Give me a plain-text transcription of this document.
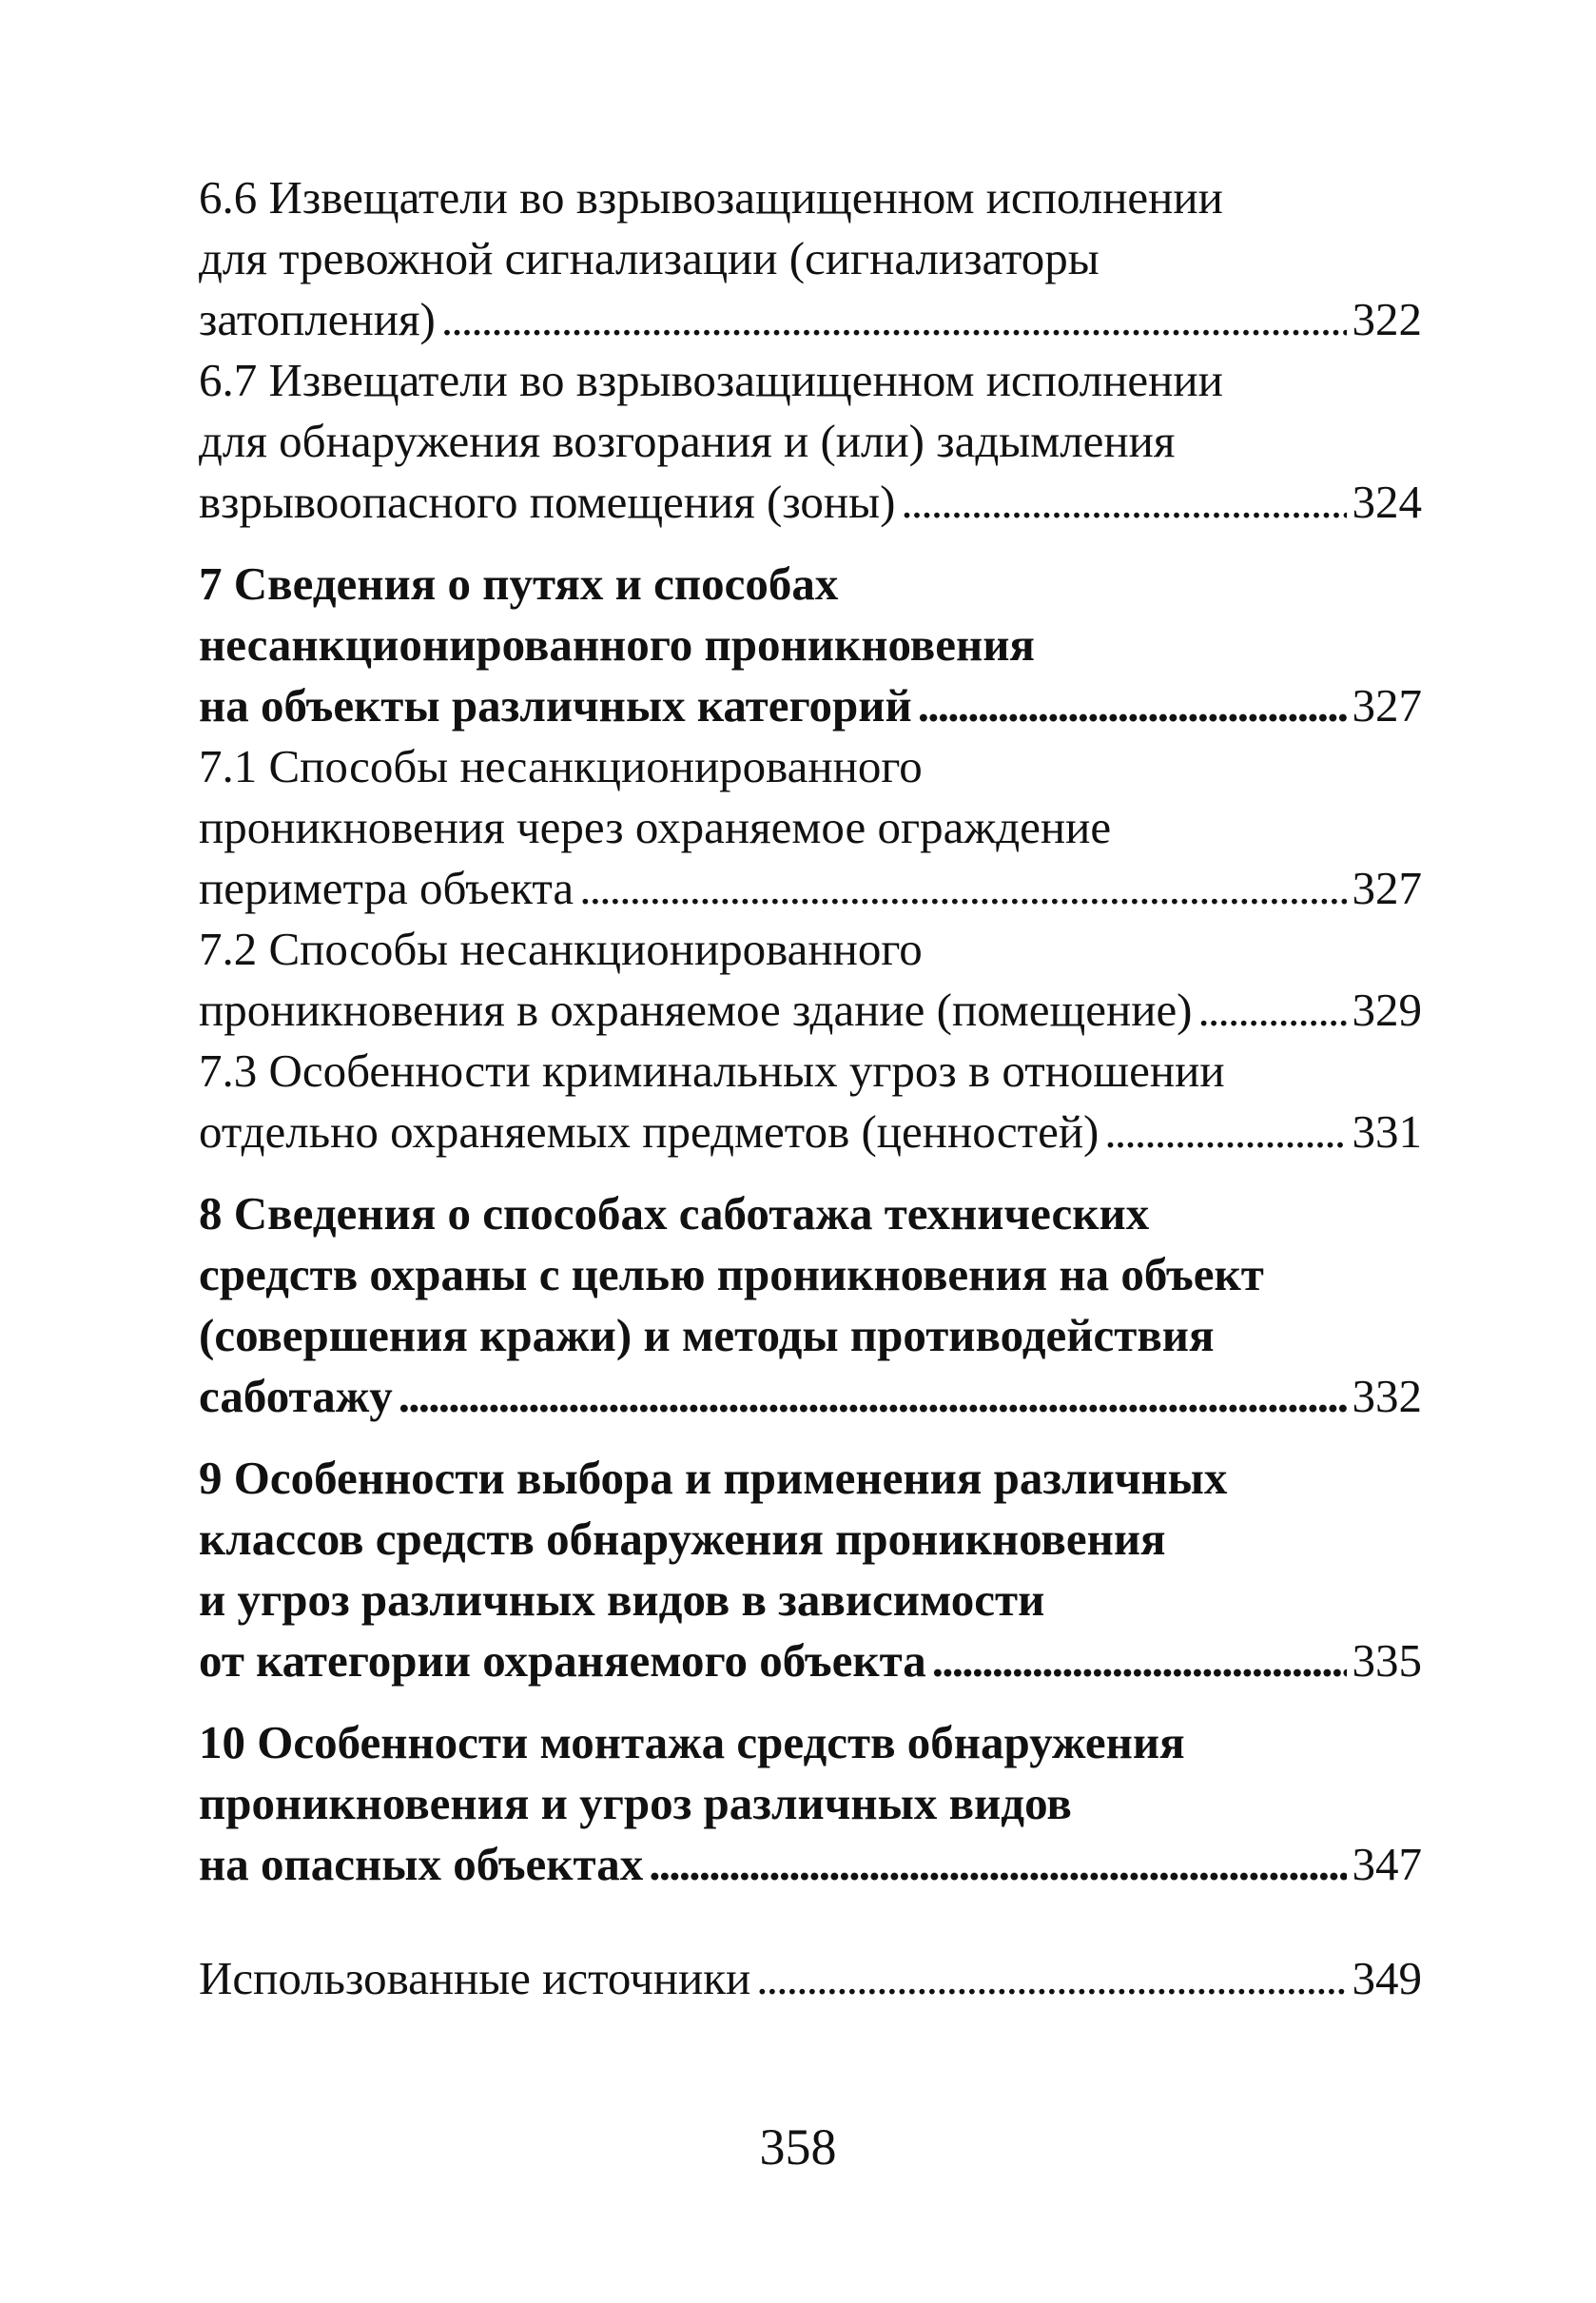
6.6 Извещатели во взрывозащищенном исполнении
для тревожной сигнализации (сигнализаторы
затопления) . . .	322
6.7 Извещатели во взрывозащищенном исполнении
для обнаружения возгорания и (или) задымления
взрывоопасного помещения (зоны) . . .	324
7 Сведения о путях и способах
несанкционированного проникновения
на объекты различных категорий . . .	327
7.1 Способы несанкционированного
проникновения через охраняемое ограждение
периметра объекта . . .	327
7.2 Способы несанкционированного
проникновения в охраняемое здание (помещение) . . .	329
7.3 Особенности криминальных угроз в отношении
отдельно охраняемых предметов (ценностей) . . .	331
8 Сведения о способах саботажа технических
средств охраны с целью проникновения на объект
(совершения кражи) и методы противодействия
саботажу . . .	332
9 Особенности выбора и применения различных
классов средств обнаружения проникновения
и угроз различных видов в зависимости
от категории охраняемого объекта . . .	335
10 Особенности монтажа средств обнаружения
проникновения и угроз различных видов
на опасных объектах . . .	347
Использованные источники . . .	349
358
